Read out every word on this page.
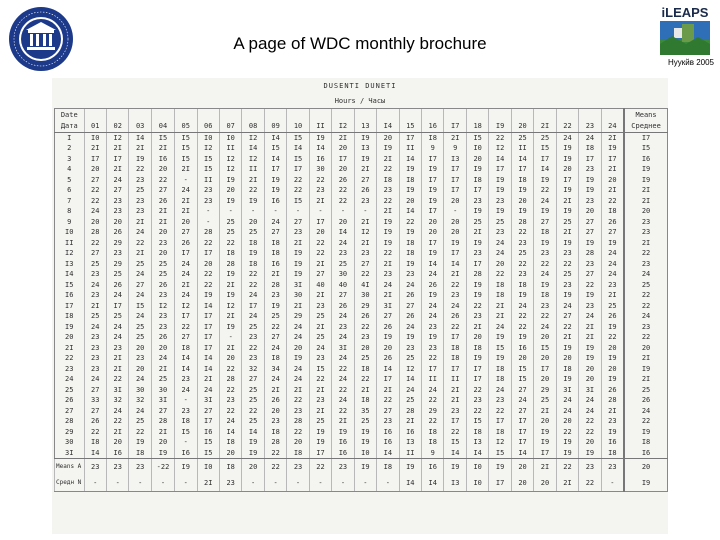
A page of WDC monthly brochure
iLEAPS
Нуукйв 2005
DUSENTI DUNETI
Hours / Часы
Date																									Means
Дата	01	02	03	04	05	06	07	08	09	10	II	I2	13	I4	15	16	I7	18	I9	20	2I	22	23	24	Среднее
I	I0	I2	I4	I5	I5	I0	I0	I2	I4	I5	I9	2I	I9	20	I7	I8	2I	I5	22	25	25	24	24	2I	I7
2	2I	2I	2I	2I	I5	I2	II	I4	I5	I4	I4	20	I3	I9	II	9	9	I0	I2	II	I5	I9	I8	I9	I5
3	I7	I7	I9	I6	I5	I5	I2	I2	I4	I5	I6	I7	I9	2I	I4	I7	I3	20	I4	I4	I7	I9	I7	I7	I6
4	20	2I	22	20	2I	I5	I2	II	I7	I7	30	20	2I	22	I9	I9	I7	I9	I7	I7	I4	20	23	2I	I9
5	27	24	23	22	-	II	I9	2I	I9	22	22	26	27	I8	I8	I7	I7	I8	I9	I8	I9	I7	I9	20	I9
6	22	27	25	27	24	23	20	22	I9	22	23	22	26	23	I9	I9	I7	I7	I9	I9	22	I9	I9	2I	2I
7	22	23	23	26	2I	23	I9	I9	I6	I5	2I	22	23	22	20	I9	20	23	23	20	24	2I	23	22	2I
8	24	23	23	2I	2I	-	-	-	-	-	-	-	-	2I	I4	I7	-	I9	I9	I9	I9	I9	20	I8	20
9	20	20	2I	2I	20	-	25	20	24	27	I7	20	2I	I9	22	20	20	25	25	28	27	25	27	26	23
I0	28	26	24	20	27	28	25	25	27	23	20	I4	I2	I9	I9	20	20	2I	23	22	I8	2I	27	27	23
II	22	29	22	23	26	22	22	I8	I8	2I	22	24	2I	I9	I8	I7	I9	I9	24	23	I9	I9	I9	I9	2I
I2	27	23	2I	20	I7	I7	I8	I9	I8	I9	22	23	23	22	I8	I9	I7	23	24	25	23	23	28	24	22
I3	25	29	25	25	24	20	28	I8	I6	I9	2I	25	27	2I	I9	I4	I4	I7	20	22	22	22	23	24	23
I4	23	25	24	25	24	22	I9	22	2I	I9	27	30	22	23	23	24	2I	28	22	23	24	25	27	24	24
I5	24	26	27	26	2I	22	2I	22	28	3I	40	40	4I	24	24	26	22	I9	I8	I8	I9	23	22	23	25
I6	23	24	24	23	24	I9	I9	24	23	30	2I	27	30	2I	26	I9	23	I9	I8	I9	I8	I9	I9	2I	22
I7	2I	I7	I5	I2	I2	I4	I2	I7	I9	2I	23	26	29	3I	27	24	24	22	2I	24	23	24	23	25	22
I8	25	25	24	23	I7	I7	2I	24	25	29	25	24	26	27	26	24	26	23	2I	22	22	27	24	26	24
I9	24	24	25	23	22	I7	I9	25	22	24	2I	23	22	26	24	23	22	2I	24	22	24	22	2I	I9	23
20	23	24	25	26	27	I7	-	23	27	24	25	24	23	I9	I9	I9	I7	20	I9	I9	20	2I	2I	22	22
2I	23	23	20	20	I8	I7	2I	22	24	20	24	3I	20	20	23	23	I8	I8	I5	I6	I5	I9	I9	20	20
22	23	2I	23	24	I4	I4	20	23	I8	I9	23	24	25	26	25	22	I8	I9	I9	20	20	20	I9	I9	2I
23	23	2I	20	2I	I4	I4	22	32	34	24	I5	22	I8	I4	I2	I7	I7	I7	I8	I5	I7	I8	20	20	I9
24	24	22	24	25	23	2I	28	27	24	24	22	24	22	I7	I4	II	II	I7	I8	I5	20	I9	20	I9	2I
25	27	3I	30	30	24	24	22	25	2I	2I	2I	22	2I	2I	24	24	2I	22	24	27	29	3I	3I	26	25
26	33	32	32	3I	-	3I	23	25	26	22	23	24	I8	22	25	22	2I	23	23	24	25	24	24	28	26
27	27	24	24	27	23	27	22	22	20	23	2I	22	35	27	28	29	23	22	22	27	2I	24	24	2I	24
28	26	22	25	28	I8	I7	24	25	23	28	25	2I	25	23	2I	22	I7	I5	I7	I7	20	20	22	23	22
29	22	2I	22	2I	I5	I6	I4	I4	I8	22	I9	I9	I9	I6	I6	I8	22	I8	I8	I7	I9	22	22	I9	I9
30	I8	20	I9	20	-	I5	I8	I9	28	20	I9	I6	I9	I6	I3	I8	I5	I3	I2	I7	I9	I9	20	I6	I8
3I	I4	I6	I8	I9	I6	I5	20	I9	22	I8	I7	I6	I0	I4	II	9	I4	I4	I5	I4	I7	I9	I9	I8	I6
Means A	23	23	23	-22	I9	I0	I8	20	22	23	22	23	I9	I8	I9	I6	I9	I0	I9	20	2I	22	23	23	20
Средн N	-	-	-	-	-	2I	23	-	-	-	-	-	-	-	I4	I4	I3	I0	I7	20	20	2I	22	-	I9
